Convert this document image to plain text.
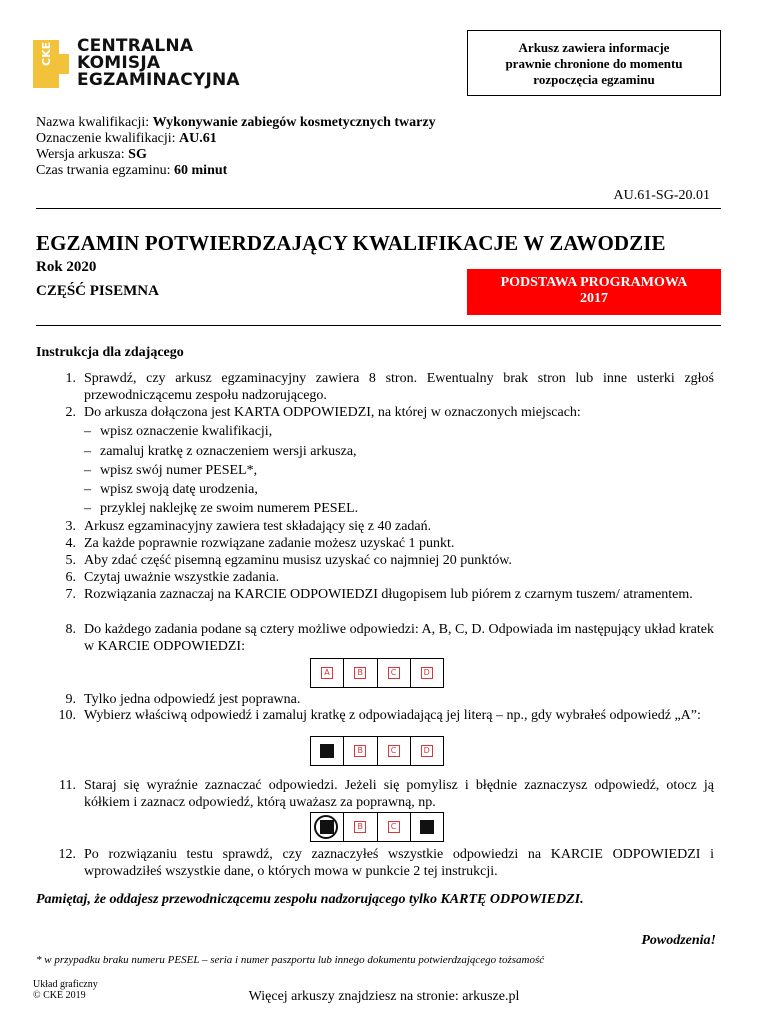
CKE CENTRALNA
KOMISJA
EGZAMINACYJNA
Arkusz zawiera informacje
prawnie chronione do momentu
rozpoczęcia egzaminu
Nazwa kwalifikacji: Wykonywanie zabiegów kosmetycznych twarzy
Oznaczenie kwalifikacji: AU.61
Wersja arkusza: SG
Czas trwania egzaminu: 60 minut
AU.61-SG-20.01
EGZAMIN POTWIERDZAJĄCY KWALIFIKACJE W ZAWODZIE
Rok 2020
CZĘŚĆ PISEMNA
PODSTAWA PROGRAMOWA
2017
Instrukcja dla zdającego
1. Sprawdź, czy arkusz egzaminacyjny zawiera 8 stron. Ewentualny brak stron lub inne usterki zgłoś przewodniczącemu zespołu nadzorującego.
2. Do arkusza dołączona jest KARTA ODPOWIEDZI, na której w oznaczonych miejscach:
– wpisz oznaczenie kwalifikacji,
– zamaluj kratkę z oznaczeniem wersji arkusza,
– wpisz swój numer PESEL*,
– wpisz swoją datę urodzenia,
– przyklej naklejkę ze swoim numerem PESEL.
3. Arkusz egzaminacyjny zawiera test składający się z 40 zadań.
4. Za każde poprawnie rozwiązane zadanie możesz uzyskać 1 punkt.
5. Aby zdać część pisemną egzaminu musisz uzyskać co najmniej 20 punktów.
6. Czytaj uważnie wszystkie zadania.
7. Rozwiązania zaznaczaj na KARCIE ODPOWIEDZI długopisem lub piórem z czarnym tuszem/ atramentem.
8. Do każdego zadania podane są cztery możliwe odpowiedzi: A, B, C, D. Odpowiada im następujący układ kratek w KARCIE ODPOWIEDZI:
A	B	C	D
9. Tylko jedna odpowiedź jest poprawna.
10. Wybierz właściwą odpowiedź i zamaluj kratkę z odpowiadającą jej literą – np., gdy wybrałeś odpowiedź „A”:
B	C	D
11. Staraj się wyraźnie zaznaczać odpowiedzi. Jeżeli się pomylisz i błędnie zaznaczysz odpowiedź, otocz ją kółkiem i zaznacz odpowiedź, którą uważasz za poprawną, np.
B	C
12. Po rozwiązaniu testu sprawdź, czy zaznaczyłeś wszystkie odpowiedzi na KARCIE ODPOWIEDZI i wprowadziłeś wszystkie dane, o których mowa w punkcie 2 tej instrukcji.
Pamiętaj, że oddajesz przewodniczącemu zespołu nadzorującego tylko KARTĘ ODPOWIEDZI.
Powodzenia!
* w przypadku braku numeru PESEL – seria i numer paszportu lub innego dokumentu potwierdzającego tożsamość
Układ graficzny
© CKE 2019	Więcej arkuszy znajdziesz na stronie: arkusze.pl
